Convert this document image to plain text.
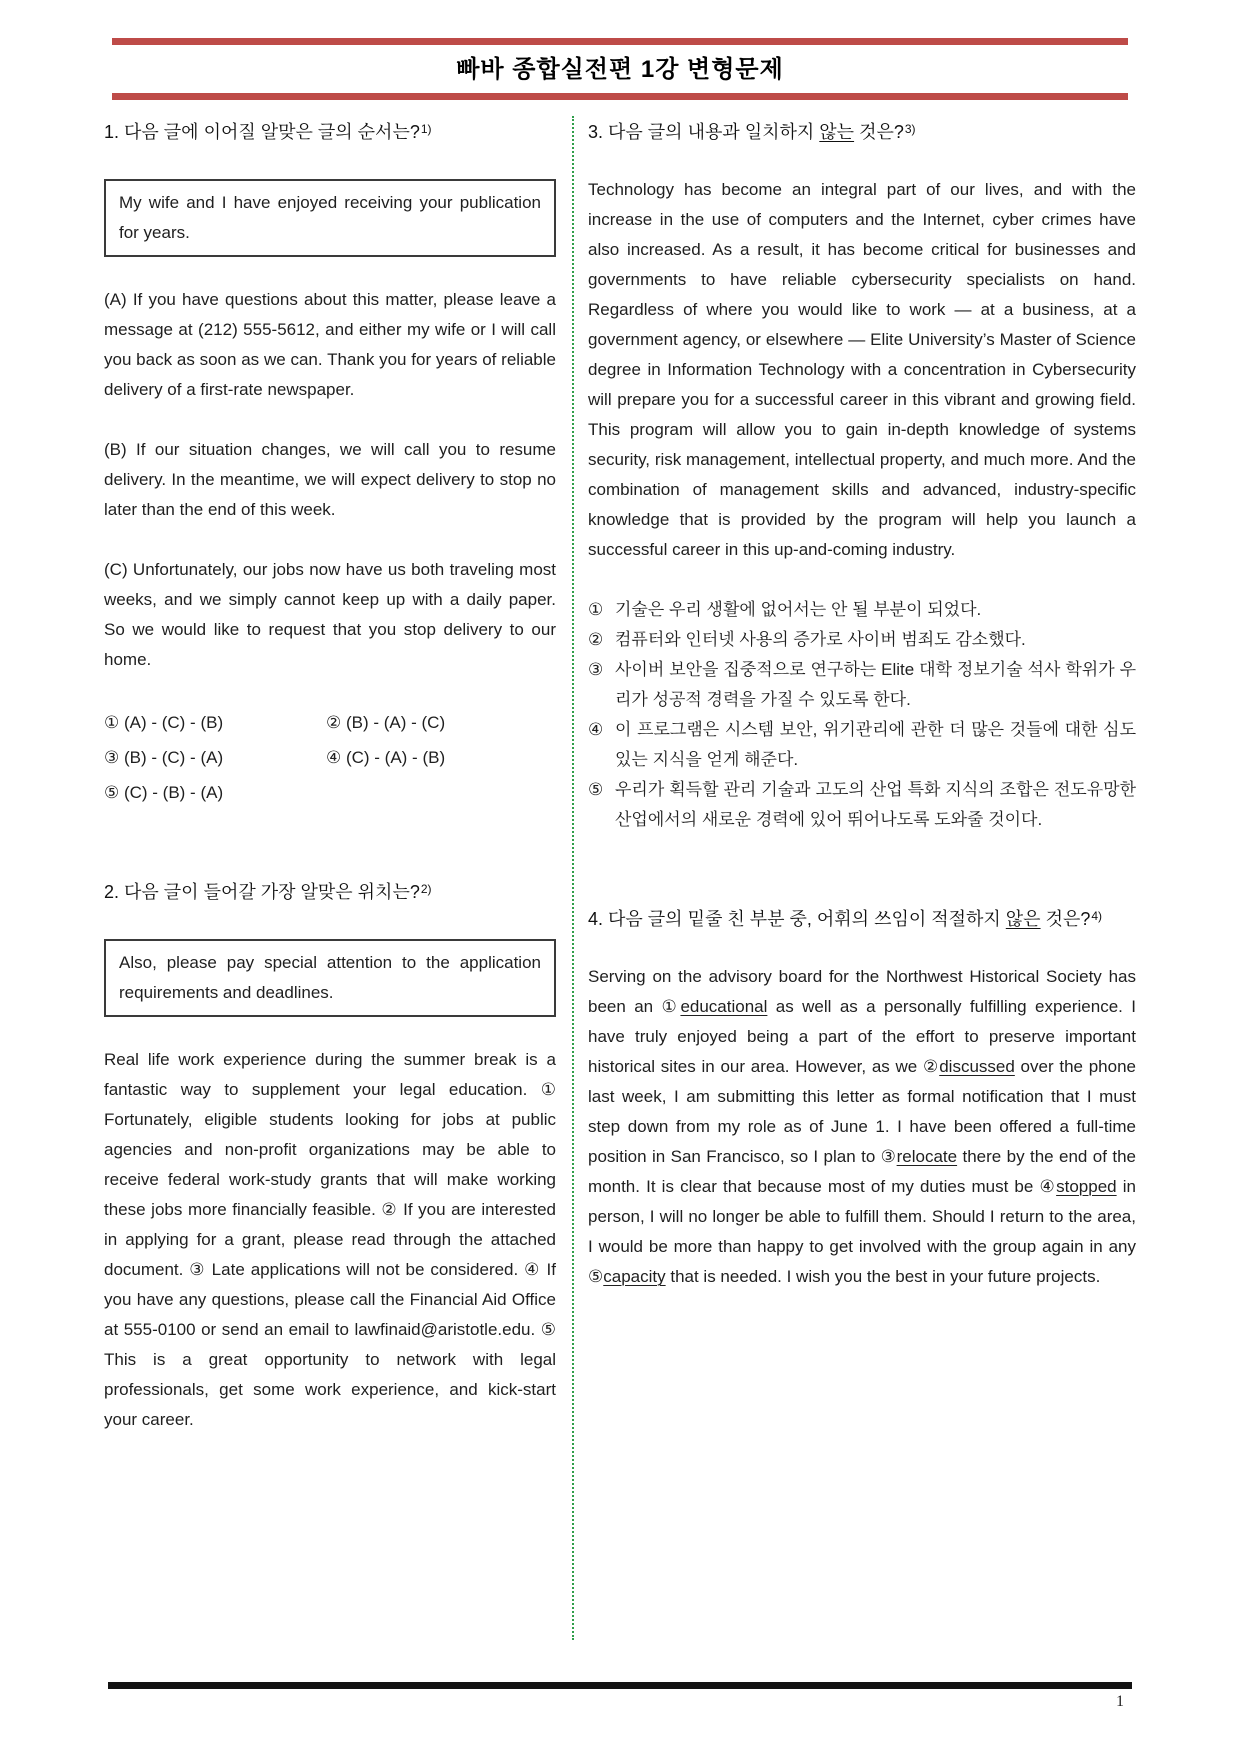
빠바 종합실전편 1강 변형문제
1. 다음 글에 이어질 알맞은 글의 순서는?$^{1)}$

My wife and I have enjoyed receiving your publication for years.

(A) If you have questions about this matter, please leave a message at (212) 555-5612, and either my wife or I will call you back as soon as we can. Thank you for years of reliable delivery of a first-rate newspaper.

(B) If our situation changes, we will call you to resume delivery. In the meantime, we will expect delivery to stop no later than the end of this week.

(C) Unfortunately, our jobs now have us both traveling most weeks, and we simply cannot keep up with a daily paper. So we would like to request that you stop delivery to our home.

① (A) - (C) - (B)	② (B) - (A) - (C)
③ (B) - (C) - (A)	④ (C) - (A) - (B)
⑤ (C) - (B) - (A)
2. 다음 글이 들어갈 가장 알맞은 위치는?$^{2)}$

Also, please pay special attention to the application requirements and deadlines.

Real life work experience during the summer break is a fantastic way to supplement your legal education. ① Fortunately, eligible students looking for jobs at public agencies and non-profit organizations may be able to receive federal work-study grants that will make working these jobs more financially feasible. ② If you are interested in applying for a grant, please read through the attached document. ③ Late applications will not be considered. ④ If you have any questions, please call the Financial Aid Office at 555-0100 or send an email to lawfinaid@aristotle.edu. ⑤ This is a great opportunity to network with legal professionals, get some work experience, and kick-start your career.

3. 다음 글의 내용과 일치하지 않는 것은?$^{3)}$

Technology has become an integral part of our lives, and with the increase in the use of computers and the Internet, cyber crimes have also increased. As a result, it has become critical for businesses and governments to have reliable cybersecurity specialists on hand. Regardless of where you would like to work — at a business, at a government agency, or elsewhere — Elite University’s Master of Science degree in Information Technology with a concentration in Cybersecurity will prepare you for a successful career in this vibrant and growing field. This program will allow you to gain in-depth knowledge of systems security, risk management, intellectual property, and much more. And the combination of management skills and advanced, industry-specific knowledge that is provided by the program will help you launch a successful career in this up-and-coming industry.

① 기술은 우리 생활에 없어서는 안 될 부분이 되었다.
② 컴퓨터와 인터넷 사용의 증가로 사이버 범죄도 감소했다.
③ 사이버 보안을 집중적으로 연구하는 Elite 대학 정보기술 석사 학위가 우리가 성공적 경력을 가질 수 있도록 한다.
④ 이 프로그램은 시스템 보안, 위기관리에 관한 더 많은 것들에 대한 심도 있는 지식을 얻게 해준다.
⑤ 우리가 획득할 관리 기술과 고도의 산업 특화 지식의 조합은 전도유망한 산업에서의 새로운 경력에 있어 뛰어나도록 도와줄 것이다.
4. 다음 글의 밑줄 친 부분 중, 어휘의 쓰임이 적절하지 않은 것은?$^{4)}$

Serving on the advisory board for the Northwest Historical Society has been an ①educational as well as a personally fulfilling experience. I have truly enjoyed being a part of the effort to preserve important historical sites in our area. However, as we ②discussed over the phone last week, I am submitting this letter as formal notification that I must step down from my role as of June 1. I have been offered a full-time position in San Francisco, so I plan to ③relocate there by the end of the month. It is clear that because most of my duties must be ④stopped in person, I will no longer be able to fulfill them. Should I return to the area, I would be more than happy to get involved with the group again in any ⑤capacity that is needed. I wish you the best in your future projects.

1
